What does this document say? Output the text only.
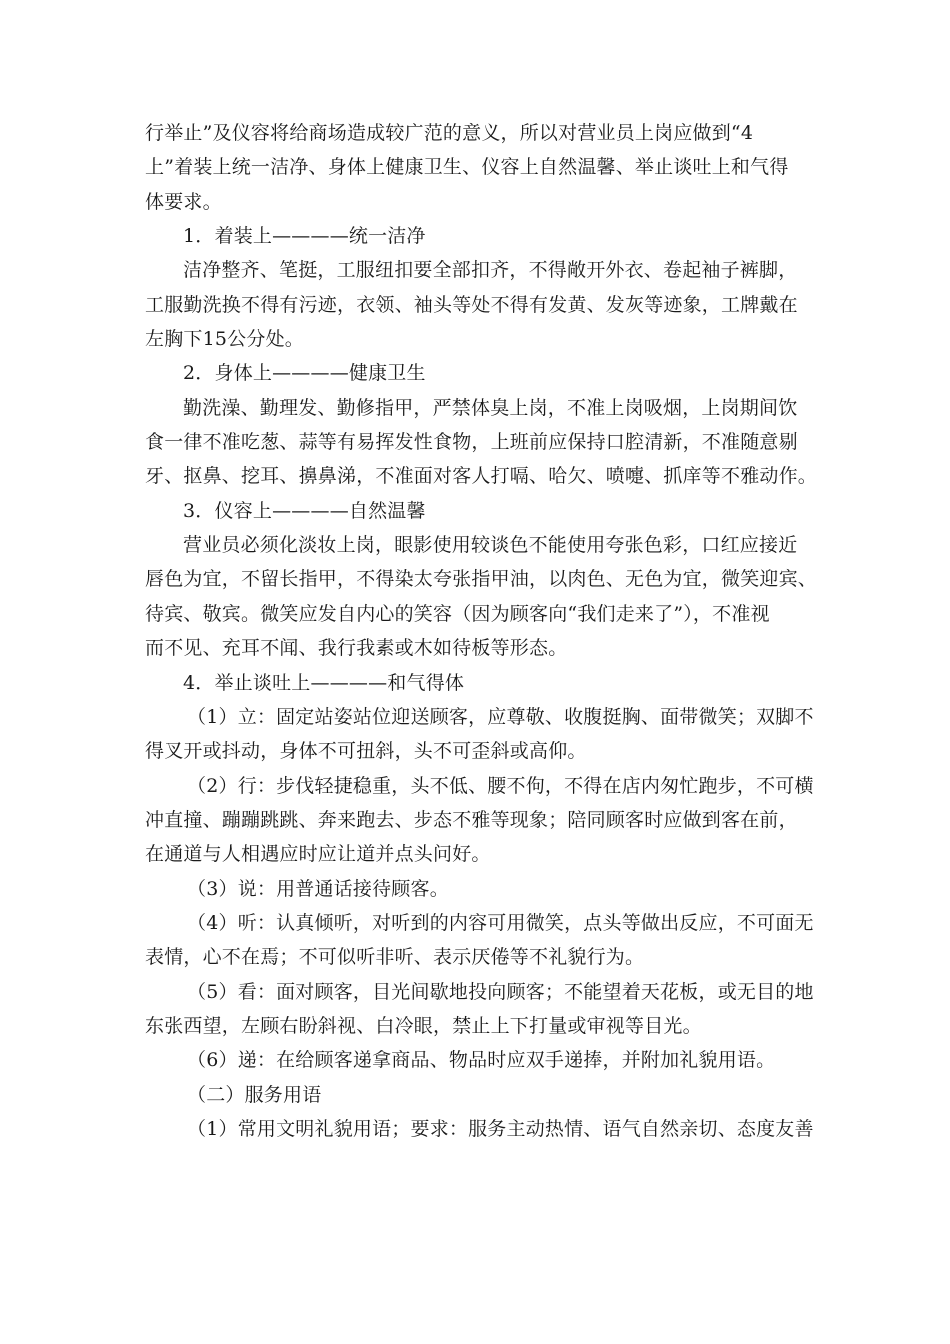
行举止”及仪容将给商场造成较广范的意义，所以对营业员上岗应做到“4
上”着装上统一洁净、身体上健康卫生、仪容上自然温馨、举止谈吐上和气得
体要求。
1．着装上————统一洁净
洁净整齐、笔挺，工服纽扣要全部扣齐，不得敞开外衣、卷起袖子裤脚，
工服勤洗换不得有污迹，衣领、袖头等处不得有发黄、发灰等迹象，工牌戴在
左胸下15公分处。
2．身体上————健康卫生
勤洗澡、勤理发、勤修指甲，严禁体臭上岗，不准上岗吸烟，上岗期间饮
食一律不准吃葱、蒜等有易挥发性食物，上班前应保持口腔清新，不准随意剔
牙、抠鼻、挖耳、擤鼻涕，不准面对客人打嗝、哈欠、喷嚏、抓庠等不雅动作。
3．仪容上————自然温馨
营业员必须化淡妆上岗，眼影使用较谈色不能使用夸张色彩，口红应接近
唇色为宜，不留长指甲，不得染太夸张指甲油，以肉色、无色为宜，微笑迎宾、
待宾、敬宾。微笑应发自内心的笑容（因为顾客向“我们走来了”），不准视
而不见、充耳不闻、我行我素或木如待板等形态。
4．举止谈吐上————和气得体
（1）立：固定站姿站位迎送顾客，应尊敬、收腹挺胸、面带微笑；双脚不
得叉开或抖动，身体不可扭斜，头不可歪斜或高仰。
（2）行：步伐轻捷稳重，头不低、腰不佝，不得在店内匆忙跑步，不可横
冲直撞、蹦蹦跳跳、奔来跑去、步态不雅等现象；陪同顾客时应做到客在前，
在通道与人相遇应时应让道并点头问好。
（3）说：用普通话接待顾客。
（4）听：认真倾听，对听到的内容可用微笑，点头等做出反应，不可面无
表情，心不在焉；不可似听非听、表示厌倦等不礼貌行为。
（5）看：面对顾客，目光间歇地投向顾客；不能望着天花板，或无目的地
东张西望，左顾右盼斜视、白冷眼，禁止上下打量或审视等目光。
（6）递：在给顾客递拿商品、物品时应双手递捧，并附加礼貌用语。
（二）服务用语
（1）常用文明礼貌用语；要求：服务主动热情、语气自然亲切、态度友善
